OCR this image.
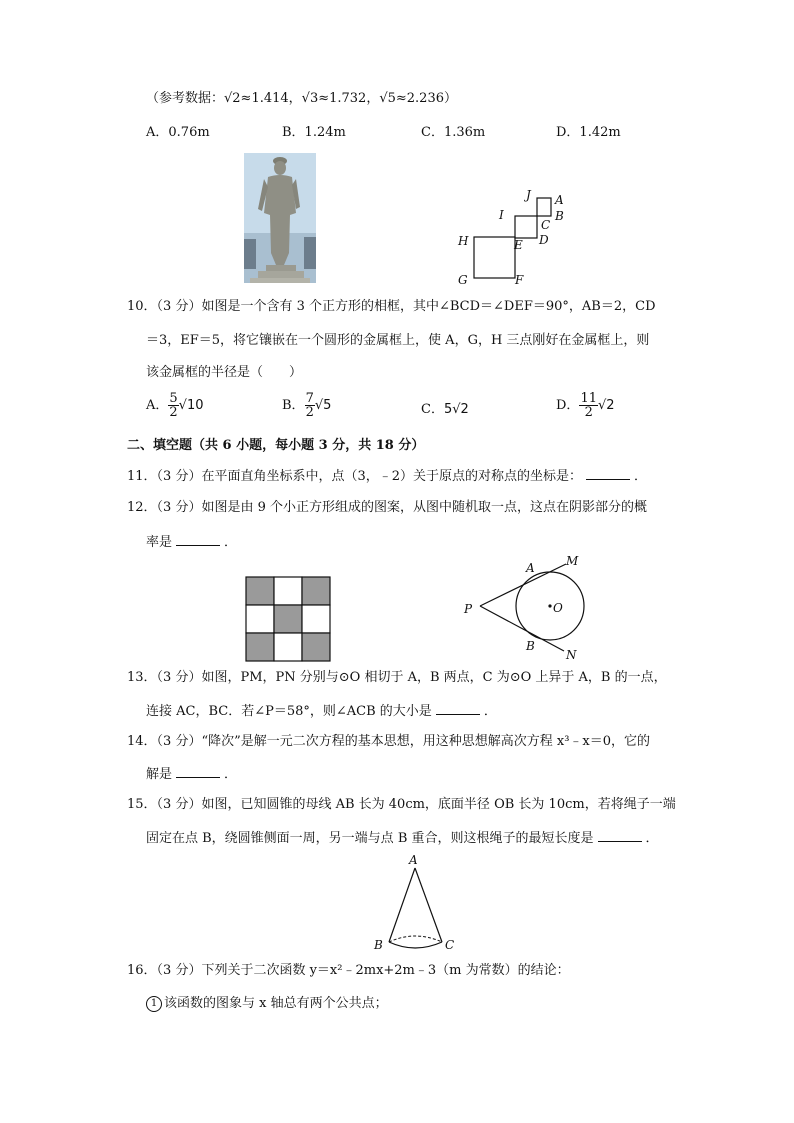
（参考数据：√2≈1.414，√3≈1.732，√5≈2.236）
A．0.76m	B．1.24m	C．1.36m	D．1.42m
J A
I
C
B
H	E D
G	F
10．（3 分）如图是一个含有 3 个正方形的相框，其中∠BCD＝∠DEF＝90°，AB＝2，CD
＝3，EF＝5，将它镶嵌在一个圆形的金属框上，使 A，G，H 三点刚好在金属框上，则
该金属框的半径是（　　）
A． $\frac{5}{2} √10$	B． $\frac{7}{2} √5$	C．5√2	D． $\frac{11}{2} √2$
二、填空题（共 6 小题，每小题 3 分，共 18 分）
11．（3 分）在平面直角坐标系中，点（3，﹣2）关于原点的对称点的坐标是：	．
12．（3 分）如图是由 9 个小正方形组成的图案，从图中随机取一点，这点在阴影部分的概
率是	．
A	M
P	O
B
N
13．（3 分）如图，PM，PN 分别与⊙O 相切于 A，B 两点，C 为⊙O 上异于 A，B 的一点，
连接 AC，BC．若∠P＝58°，则∠ACB 的大小是	．
14．（3 分）“降次”是解一元二次方程的基本思想，用这种思想解高次方程 x³﹣x＝0，它的
解是	．
15．（3 分）如图，已知圆锥的母线 AB 长为 40cm，底面半径 OB 长为 10cm，若将绳子一端
固定在点 B，绕圆锥侧面一周，另一端与点 B 重合，则这根绳子的最短长度是	．
A
B	C
16．（3 分）下列关于二次函数 y＝x²﹣2mx+2m﹣3（m 为常数）的结论：
1 该函数的图象与 x 轴总有两个公共点；
